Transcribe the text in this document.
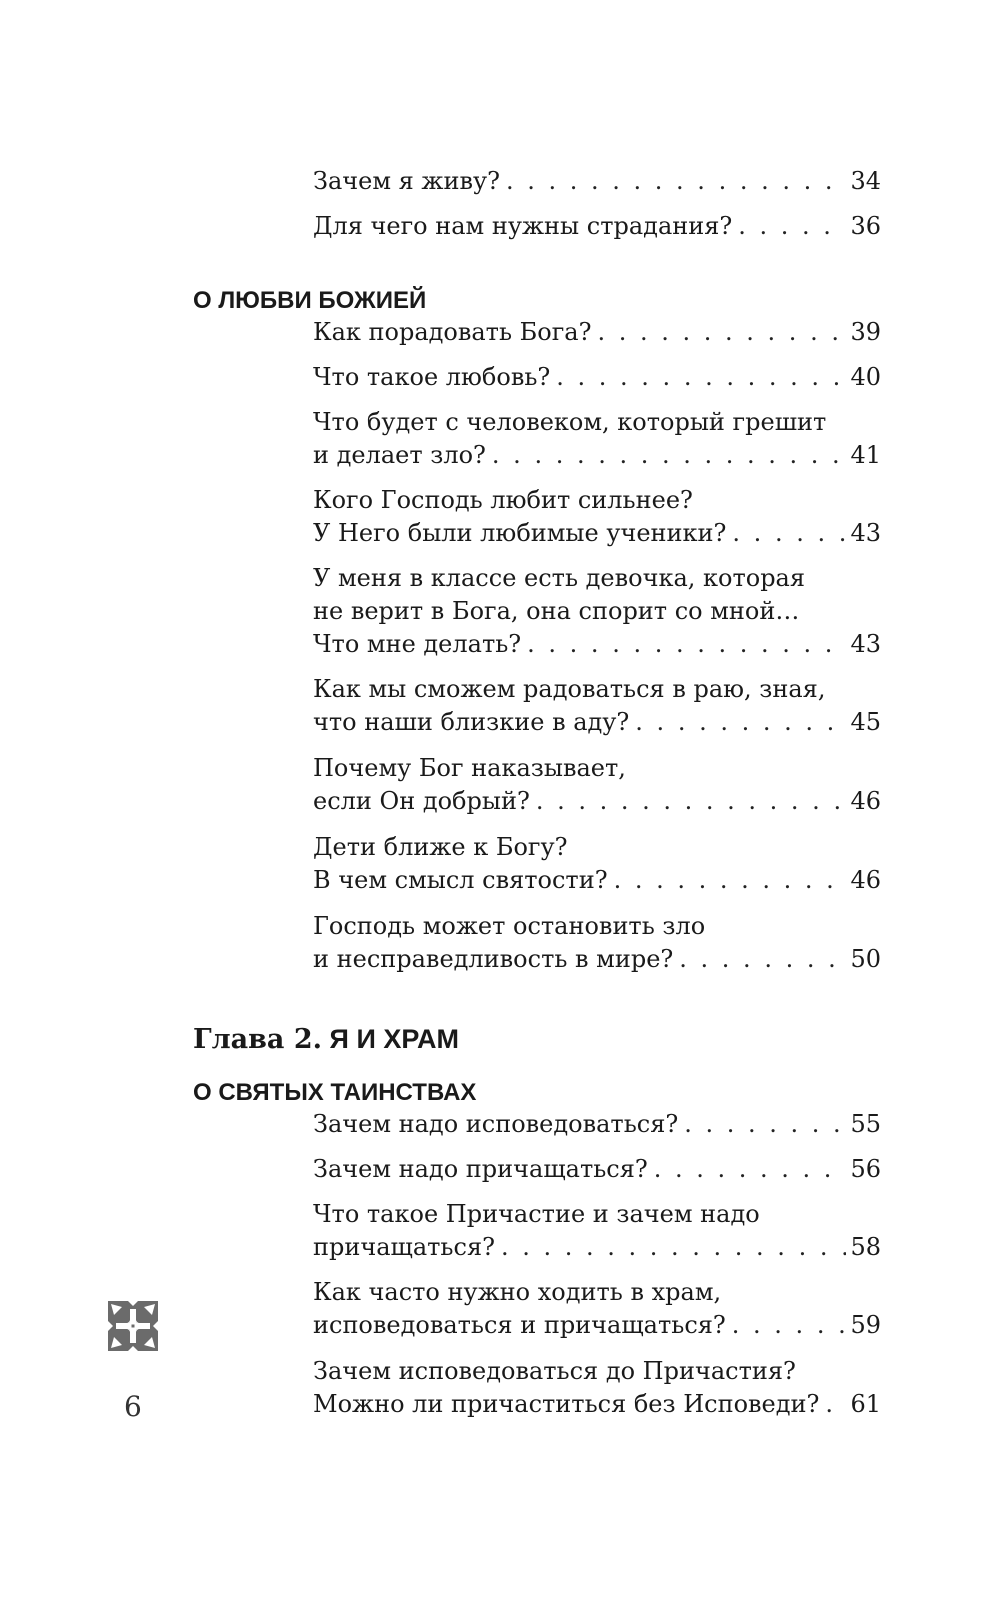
Зачем я живу? . . .	34
Для чего нам нужны страдания? . . .	36
О ЛЮБВИ БОЖИЕЙ
Как порадовать Бога? . . .	39
Что такое любовь? . . .	40
Что будет с человеком, который грешит
и делает зло? . . .	41
Кого Господь любит сильнее?
У Него были любимые ученики? . . .	43
У меня в классе есть девочка, которая
не верит в Бога, она спорит со мной…
Что мне делать? . . .	43
Как мы сможем радоваться в раю, зная,
что наши близкие в аду? . . .	45
Почему Бог наказывает,
если Он добрый? . . .	46
Дети ближе к Богу?
В чем смысл святости? . . .	46
Господь может остановить зло
и несправедливость в мире? . . .	50
Глава 2. Я И ХРАМ
О СВЯТЫХ ТАИНСТВАХ
Зачем надо исповедоваться? . . .	55
Зачем надо причащаться? . . .	56
Что такое Причастие и зачем надо
причащаться? . . .	58
Как часто нужно ходить в храм,
исповедоваться и причащаться? . . .	59
Зачем исповедоваться до Причастия?
Можно ли причаститься без Исповеди? . . . 61
6
